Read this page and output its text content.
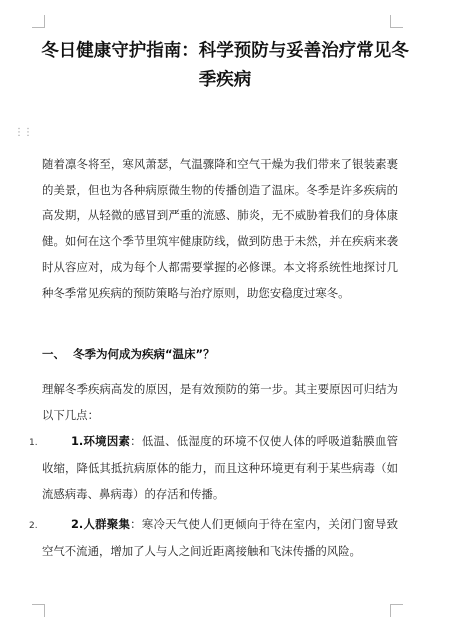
⋮⋮
冬日健康守护指南：科学预防与妥善治疗常见冬季疾病

随着凛冬将至，寒风萧瑟，气温骤降和空气干燥为我们带来了银装素裹的美景，但也为各种病原微生物的传播创造了温床。冬季是许多疾病的高发期，从轻微的感冒到严重的流感、肺炎，无不威胁着我们的身体康健。如何在这个季节里筑牢健康防线，做到防患于未然，并在疾病来袭时从容应对，成为每个人都需要掌握的必修课。本文将系统性地探讨几种冬季常见疾病的预防策略与治疗原则，助您安稳度过寒冬。

一、 冬季为何成为疾病“温床”？

理解冬季疾病高发的原因，是有效预防的第一步。其主要原因可归结为以下几点：

1.	1.环境因素：低温、低湿度的环境不仅使人体的呼吸道黏膜血管收缩，降低其抵抗病原体的能力，而且这种环境更有利于某些病毒（如流感病毒、鼻病毒）的存活和传播。

2.	2.人群聚集：寒冷天气使人们更倾向于待在室内，关闭门窗导致空气不流通，增加了人与人之间近距离接触和飞沫传播的风险。
